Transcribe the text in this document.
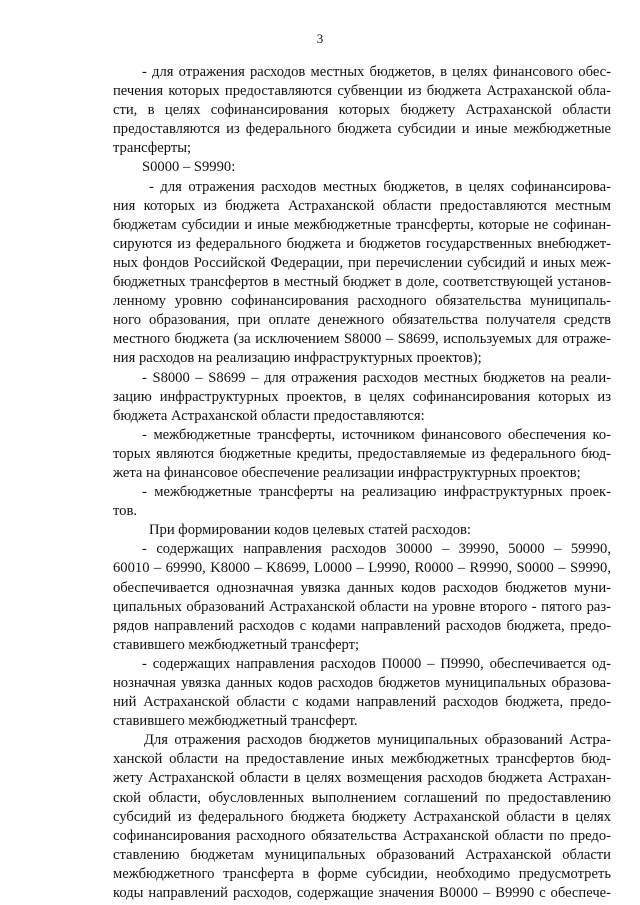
3
- для отражения расходов местных бюджетов, в целях финансового обес-
печения которых предоставляются субвенции из бюджета Астраханской обла-
сти, в целях софинансирования которых бюджету Астраханской области
предоставляются из федерального бюджета субсидии и иные межбюджетные
трансферты;
S0000 – S9990:
- для отражения расходов местных бюджетов, в целях софинансирова-
ния которых из бюджета Астраханской области предоставляются местным
бюджетам субсидии и иные межбюджетные трансферты, которые не софинан-
сируются из федерального бюджета и бюджетов государственных внебюджет-
ных фондов Российской Федерации, при перечислении субсидий и иных меж-
бюджетных трансфертов в местный бюджет в доле, соответствующей установ-
ленному уровню софинансирования расходного обязательства муниципаль-
ного образования, при оплате денежного обязательства получателя средств
местного бюджета (за исключением S8000 – S8699, используемых для отраже-
ния расходов на реализацию инфраструктурных проектов);
- S8000 – S8699 – для отражения расходов местных бюджетов на реали-
зацию инфраструктурных проектов, в целях софинансирования которых из
бюджета Астраханской области предоставляются:
- межбюджетные трансферты, источником финансового обеспечения ко-
торых являются бюджетные кредиты, предоставляемые из федерального бюд-
жета на финансовое обеспечение реализации инфраструктурных проектов;
- межбюджетные трансферты на реализацию инфраструктурных проек-
тов.
При формировании кодов целевых статей расходов:
- содержащих направления расходов 30000 – 39990, 50000 – 59990,
60010 – 69990, K8000 – K8699, L0000 – L9990, R0000 – R9990, S0000 – S9990,
обеспечивается однозначная увязка данных кодов расходов бюджетов муни-
ципальных образований Астраханской области на уровне второго - пятого раз-
рядов направлений расходов с кодами направлений расходов бюджета, предо-
ставившего межбюджетный трансферт;
- содержащих направления расходов П0000 – П9990, обеспечивается од-
нозначная увязка данных кодов расходов бюджетов муниципальных образова-
ний Астраханской области с кодами направлений расходов бюджета, предо-
ставившего межбюджетный трансферт.
Для отражения расходов бюджетов муниципальных образований Астра-
ханской области на предоставление иных межбюджетных трансфертов бюд-
жету Астраханской области в целях возмещения расходов бюджета Астрахан-
ской области, обусловленных выполнением соглашений по предоставлению
субсидий из федерального бюджета бюджету Астраханской области в целях
софинансирования расходного обязательства Астраханской области по предо-
ставлению бюджетам муниципальных образований Астраханской области
межбюджетного трансферта в форме субсидии, необходимо предусмотреть
коды направлений расходов, содержащие значения В0000 – В9990 с обеспече-
